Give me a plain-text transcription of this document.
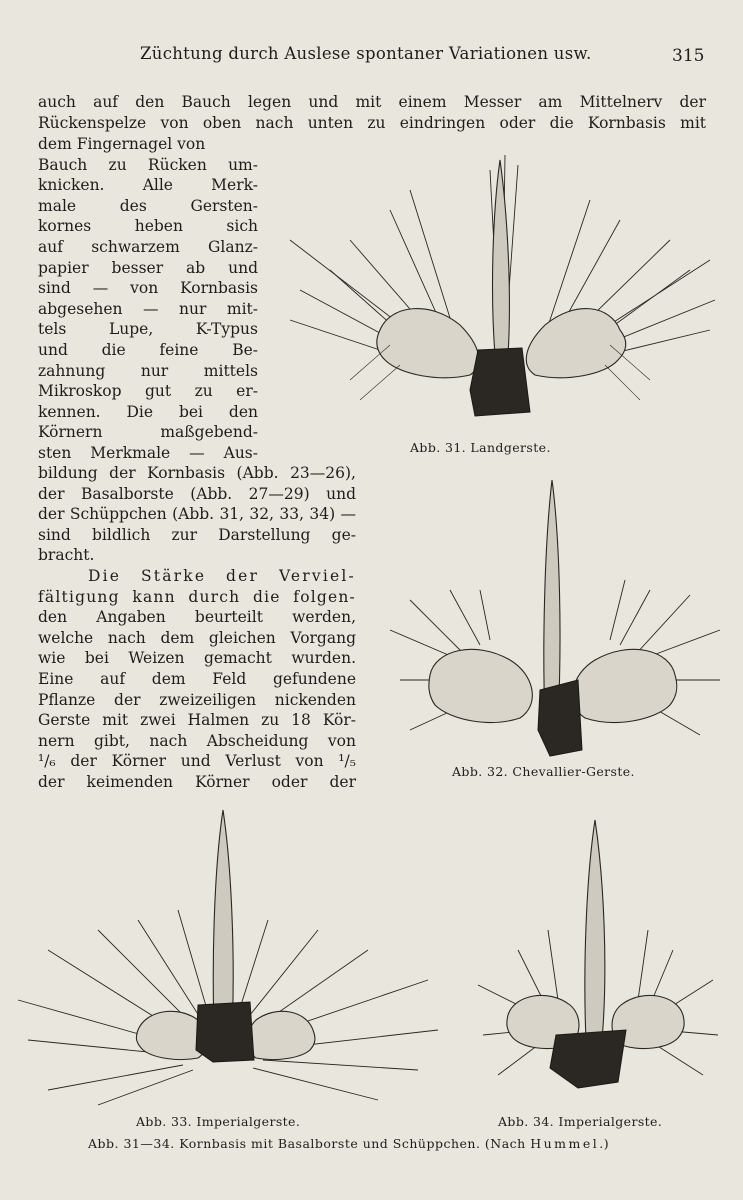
Züchtung durch Auslese spontaner Variationen usw.	315
auch auf den Bauch legen und mit einem Messer am Mittelnerv der
Rückenspelze von oben nach unten zu eindringen oder die Kornbasis mit
dem Fingernagel von
Bauch zu Rücken um-
knicken. Alle Merk-
male des Gersten-
kornes heben sich
auf schwarzem Glanz-
papier besser ab und
sind — von Kornbasis
abgesehen — nur mit-
tels Lupe, K-Typus
und die feine Be-
zahnung nur mittels
Mikroskop gut zu er-
kennen. Die bei den
Körnern maßgebend-
sten Merkmale — Aus-
bildung der Kornbasis (Abb. 23—26),
der Basalborste (Abb. 27—29) und
der Schüppchen (Abb. 31, 32, 33, 34) —
sind bildlich zur Darstellung ge-
bracht.
Die Stärke der Verviel-
fältigung kann durch die folgen-
den Angaben beurteilt werden,
welche nach dem gleichen Vorgang
wie bei Weizen gemacht wurden.
Eine auf dem Feld gefundene
Pflanze der zweizeiligen nickenden
Gerste mit zwei Halmen zu 18 Kör-
nern gibt, nach Abscheidung von
¹/₆ der Körner und Verlust von ¹/₅
der keimenden Körner oder der
Abb. 31. Landgerste.
Abb. 32. Chevallier-Gerste.
Abb. 33. Imperialgerste.	Abb. 34. Imperialgerste.
Abb. 31—34. Kornbasis mit Basalborste und Schüppchen. (Nach Hummel.)
